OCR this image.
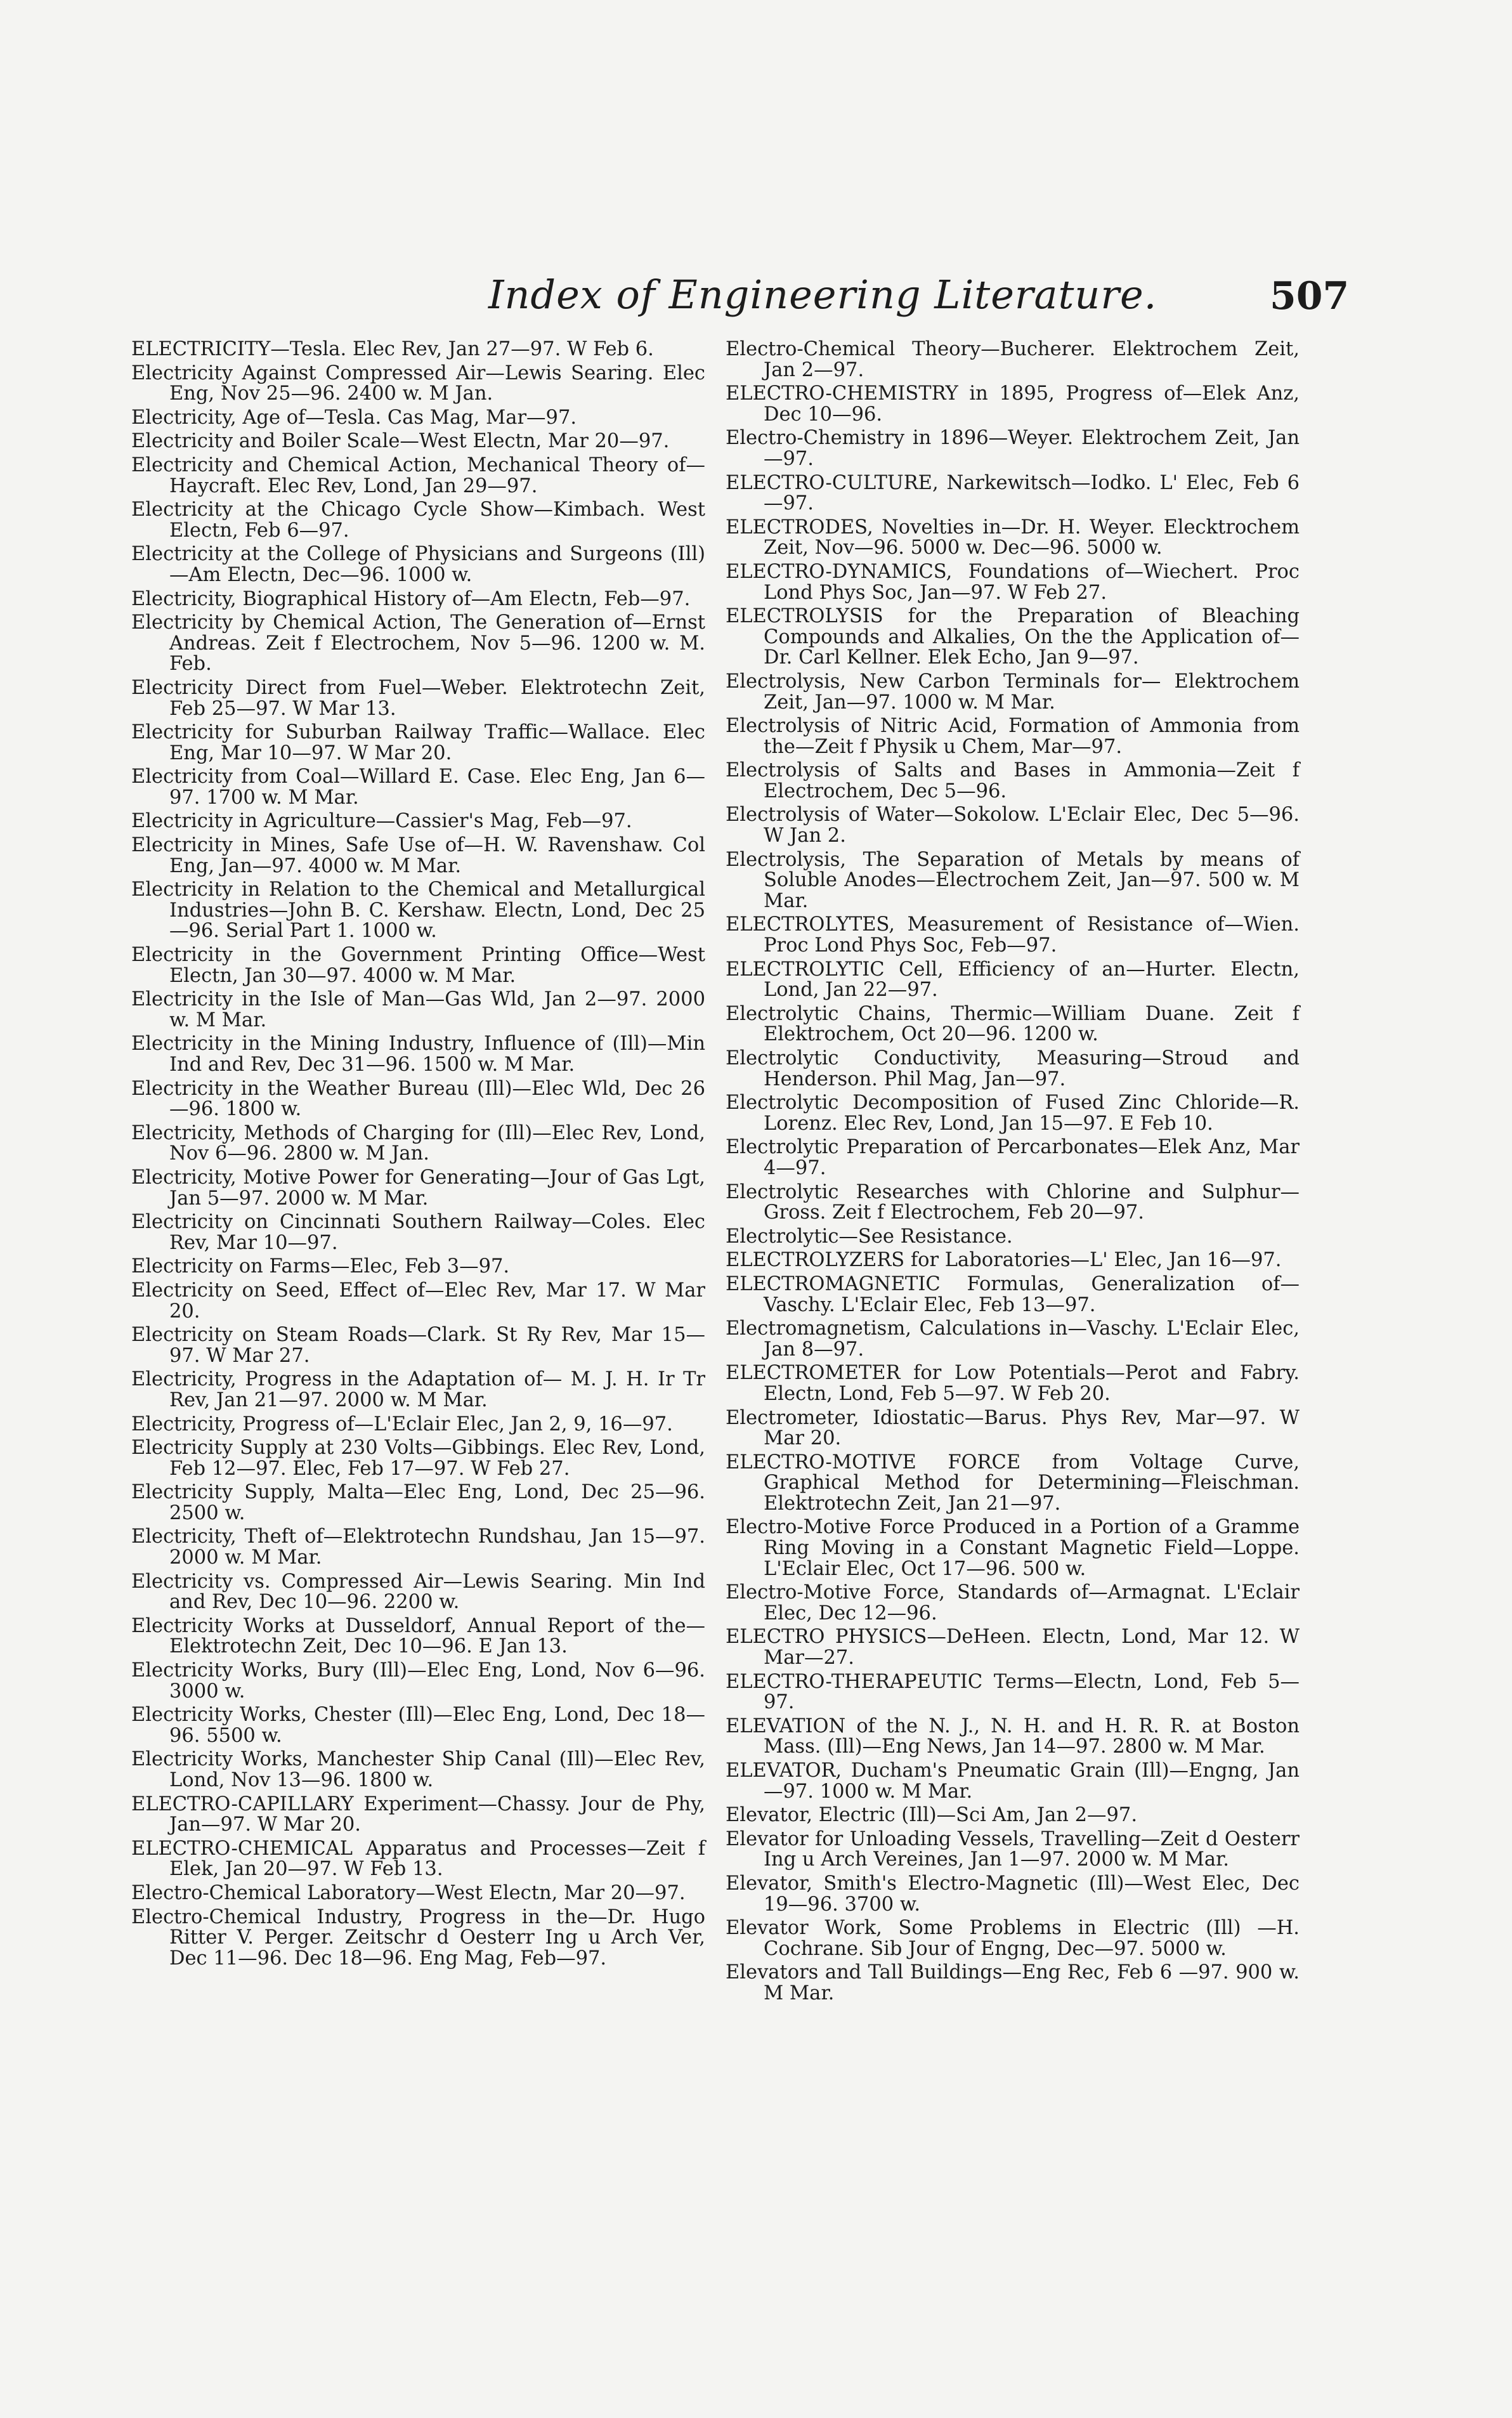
Index of Engineering Literature.	507

ELECTRICITY—Tesla. Elec Rev, Jan 27—97. W Feb 6.

Electricity Against Compressed Air—Lewis Searing. Elec Eng, Nov 25—96. 2400 w. M Jan.

Electricity, Age of—Tesla. Cas Mag, Mar—97.

Electricity and Boiler Scale—West Electn, Mar 20—97.

Electricity and Chemical Action, Mechanical Theory of—Haycraft. Elec Rev, Lond, Jan 29—97.

Electricity at the Chicago Cycle Show—Kimbach. West Electn, Feb 6—97.

Electricity at the College of Physicians and Surgeons (Ill)—Am Electn, Dec—96. 1000 w.

Electricity, Biographical History of—Am Electn, Feb—97.

Electricity by Chemical Action, The Generation of—Ernst Andreas. Zeit f Electrochem, Nov 5—96. 1200 w. M. Feb.

Electricity Direct from Fuel—Weber. Elektrotechn Zeit, Feb 25—97. W Mar 13.

Electricity for Suburban Railway Traffic—Wallace. Elec Eng, Mar 10—97. W Mar 20.

Electricity from Coal—Willard E. Case. Elec Eng, Jan 6—97. 1700 w. M Mar.

Electricity in Agriculture—Cassier's Mag, Feb—97.

Electricity in Mines, Safe Use of—H. W. Ravenshaw. Col Eng, Jan—97. 4000 w. M Mar.

Electricity in Relation to the Chemical and Metallurgical Industries—John B. C. Kershaw. Electn, Lond, Dec 25—96. Serial Part 1. 1000 w.

Electricity in the Government Printing Office—West Electn, Jan 30—97. 4000 w. M Mar.

Electricity in the Isle of Man—Gas Wld, Jan 2—97. 2000 w. M Mar.

Electricity in the Mining Industry, Influence of (Ill)—Min Ind and Rev, Dec 31—96. 1500 w. M Mar.

Electricity in the Weather Bureau (Ill)—Elec Wld, Dec 26—96. 1800 w.

Electricity, Methods of Charging for (Ill)—Elec Rev, Lond, Nov 6—96. 2800 w. M Jan.

Electricity, Motive Power for Generating—Jour of Gas Lgt, Jan 5—97. 2000 w. M Mar.

Electricity on Cincinnati Southern Railway—Coles. Elec Rev, Mar 10—97.

Electricity on Farms—Elec, Feb 3—97.

Electricity on Seed, Effect of—Elec Rev, Mar 17. W Mar 20.

Electricity on Steam Roads—Clark. St Ry Rev, Mar 15—97. W Mar 27.

Electricity, Progress in the Adaptation of— M. J. H. Ir Tr Rev, Jan 21—97. 2000 w. M Mar.

Electricity, Progress of—L'Eclair Elec, Jan 2, 9, 16—97.

Electricity Supply at 230 Volts—Gibbings. Elec Rev, Lond, Feb 12—97. Elec, Feb 17—97. W Feb 27.

Electricity Supply, Malta—Elec Eng, Lond, Dec 25—96. 2500 w.

Electricity, Theft of—Elektrotechn Rundshau, Jan 15—97. 2000 w. M Mar.

Electricity vs. Compressed Air—Lewis Searing. Min Ind and Rev, Dec 10—96. 2200 w.

Electricity Works at Dusseldorf, Annual Report of the—Elektrotechn Zeit, Dec 10—96. E Jan 13.

Electricity Works, Bury (Ill)—Elec Eng, Lond, Nov 6—96. 3000 w.

Electricity Works, Chester (Ill)—Elec Eng, Lond, Dec 18—96. 5500 w.

Electricity Works, Manchester Ship Canal (Ill)—Elec Rev, Lond, Nov 13—96. 1800 w.

ELECTRO-CAPILLARY Experiment—Chassy. Jour de Phy, Jan—97. W Mar 20.

ELECTRO-CHEMICAL Apparatus and Processes—Zeit f Elek, Jan 20—97. W Feb 13.

Electro-Chemical Laboratory—West Electn, Mar 20—97.

Electro-Chemical Industry, Progress in the—Dr. Hugo Ritter V. Perger. Zeitschr d Oesterr Ing u Arch Ver, Dec 11—96. Dec 18—96. Eng Mag, Feb—97.

Electro-Chemical Theory—Bucherer. Elektrochem Zeit, Jan 2—97.

ELECTRO-CHEMISTRY in 1895, Progress of—Elek Anz, Dec 10—96.

Electro-Chemistry in 1896—Weyer. Elektrochem Zeit, Jan—97.

ELECTRO-CULTURE, Narkewitsch—Iodko. L' Elec, Feb 6—97.

ELECTRODES, Novelties in—Dr. H. Weyer. Elecktrochem Zeit, Nov—96. 5000 w. Dec—96. 5000 w.

ELECTRO-DYNAMICS, Foundations of—Wiechert. Proc Lond Phys Soc, Jan—97. W Feb 27.

ELECTROLYSIS for the Preparation of Bleaching Compounds and Alkalies, On the the Application of—Dr. Carl Kellner. Elek Echo, Jan 9—97.

Electrolysis, New Carbon Terminals for— Elektrochem Zeit, Jan—97. 1000 w. M Mar.

Electrolysis of Nitric Acid, Formation of Ammonia from the—Zeit f Physik u Chem, Mar—97.

Electrolysis of Salts and Bases in Ammonia—Zeit f Electrochem, Dec 5—96.

Electrolysis of Water—Sokolow. L'Eclair Elec, Dec 5—96. W Jan 2.

Electrolysis, The Separation of Metals by means of Soluble Anodes—Electrochem Zeit, Jan—97. 500 w. M Mar.

ELECTROLYTES, Measurement of Resistance of—Wien. Proc Lond Phys Soc, Feb—97.

ELECTROLYTIC Cell, Efficiency of an—Hurter. Electn, Lond, Jan 22—97.

Electrolytic Chains, Thermic—William Duane. Zeit f Elektrochem, Oct 20—96. 1200 w.

Electrolytic Conductivity, Measuring—Stroud and Henderson. Phil Mag, Jan—97.

Electrolytic Decomposition of Fused Zinc Chloride—R. Lorenz. Elec Rev, Lond, Jan 15—97. E Feb 10.

Electrolytic Preparation of Percarbonates—Elek Anz, Mar 4—97.

Electrolytic Researches with Chlorine and Sulphur—Gross. Zeit f Electrochem, Feb 20—97.

Electrolytic—See Resistance.

ELECTROLYZERS for Laboratories—L' Elec, Jan 16—97.

ELECTROMAGNETIC Formulas, Generalization of—Vaschy. L'Eclair Elec, Feb 13—97.

Electromagnetism, Calculations in—Vaschy. L'Eclair Elec, Jan 8—97.

ELECTROMETER for Low Potentials—Perot and Fabry. Electn, Lond, Feb 5—97. W Feb 20.

Electrometer, Idiostatic—Barus. Phys Rev, Mar—97. W Mar 20.

ELECTRO-MOTIVE FORCE from Voltage Curve, Graphical Method for Determining—Fleischman. Elektrotechn Zeit, Jan 21—97.

Electro-Motive Force Produced in a Portion of a Gramme Ring Moving in a Constant Magnetic Field—Loppe. L'Eclair Elec, Oct 17—96. 500 w.

Electro-Motive Force, Standards of—Armagnat. L'Eclair Elec, Dec 12—96.

ELECTRO PHYSICS—DeHeen. Electn, Lond, Mar 12. W Mar—27.

ELECTRO-THERAPEUTIC Terms—Electn, Lond, Feb 5—97.

ELEVATION of the N. J., N. H. and H. R. R. at Boston Mass. (Ill)—Eng News, Jan 14—97. 2800 w. M Mar.

ELEVATOR, Ducham's Pneumatic Grain (Ill)—Engng, Jan—97. 1000 w. M Mar.

Elevator, Electric (Ill)—Sci Am, Jan 2—97.

Elevator for Unloading Vessels, Travelling—Zeit d Oesterr Ing u Arch Vereines, Jan 1—97. 2000 w. M Mar.

Elevator, Smith's Electro-Magnetic (Ill)—West Elec, Dec 19—96. 3700 w.

Elevator Work, Some Problems in Electric (Ill) —H. Cochrane. Sib Jour of Engng, Dec—97. 5000 w.

Elevators and Tall Buildings—Eng Rec, Feb 6 —97. 900 w. M Mar.
